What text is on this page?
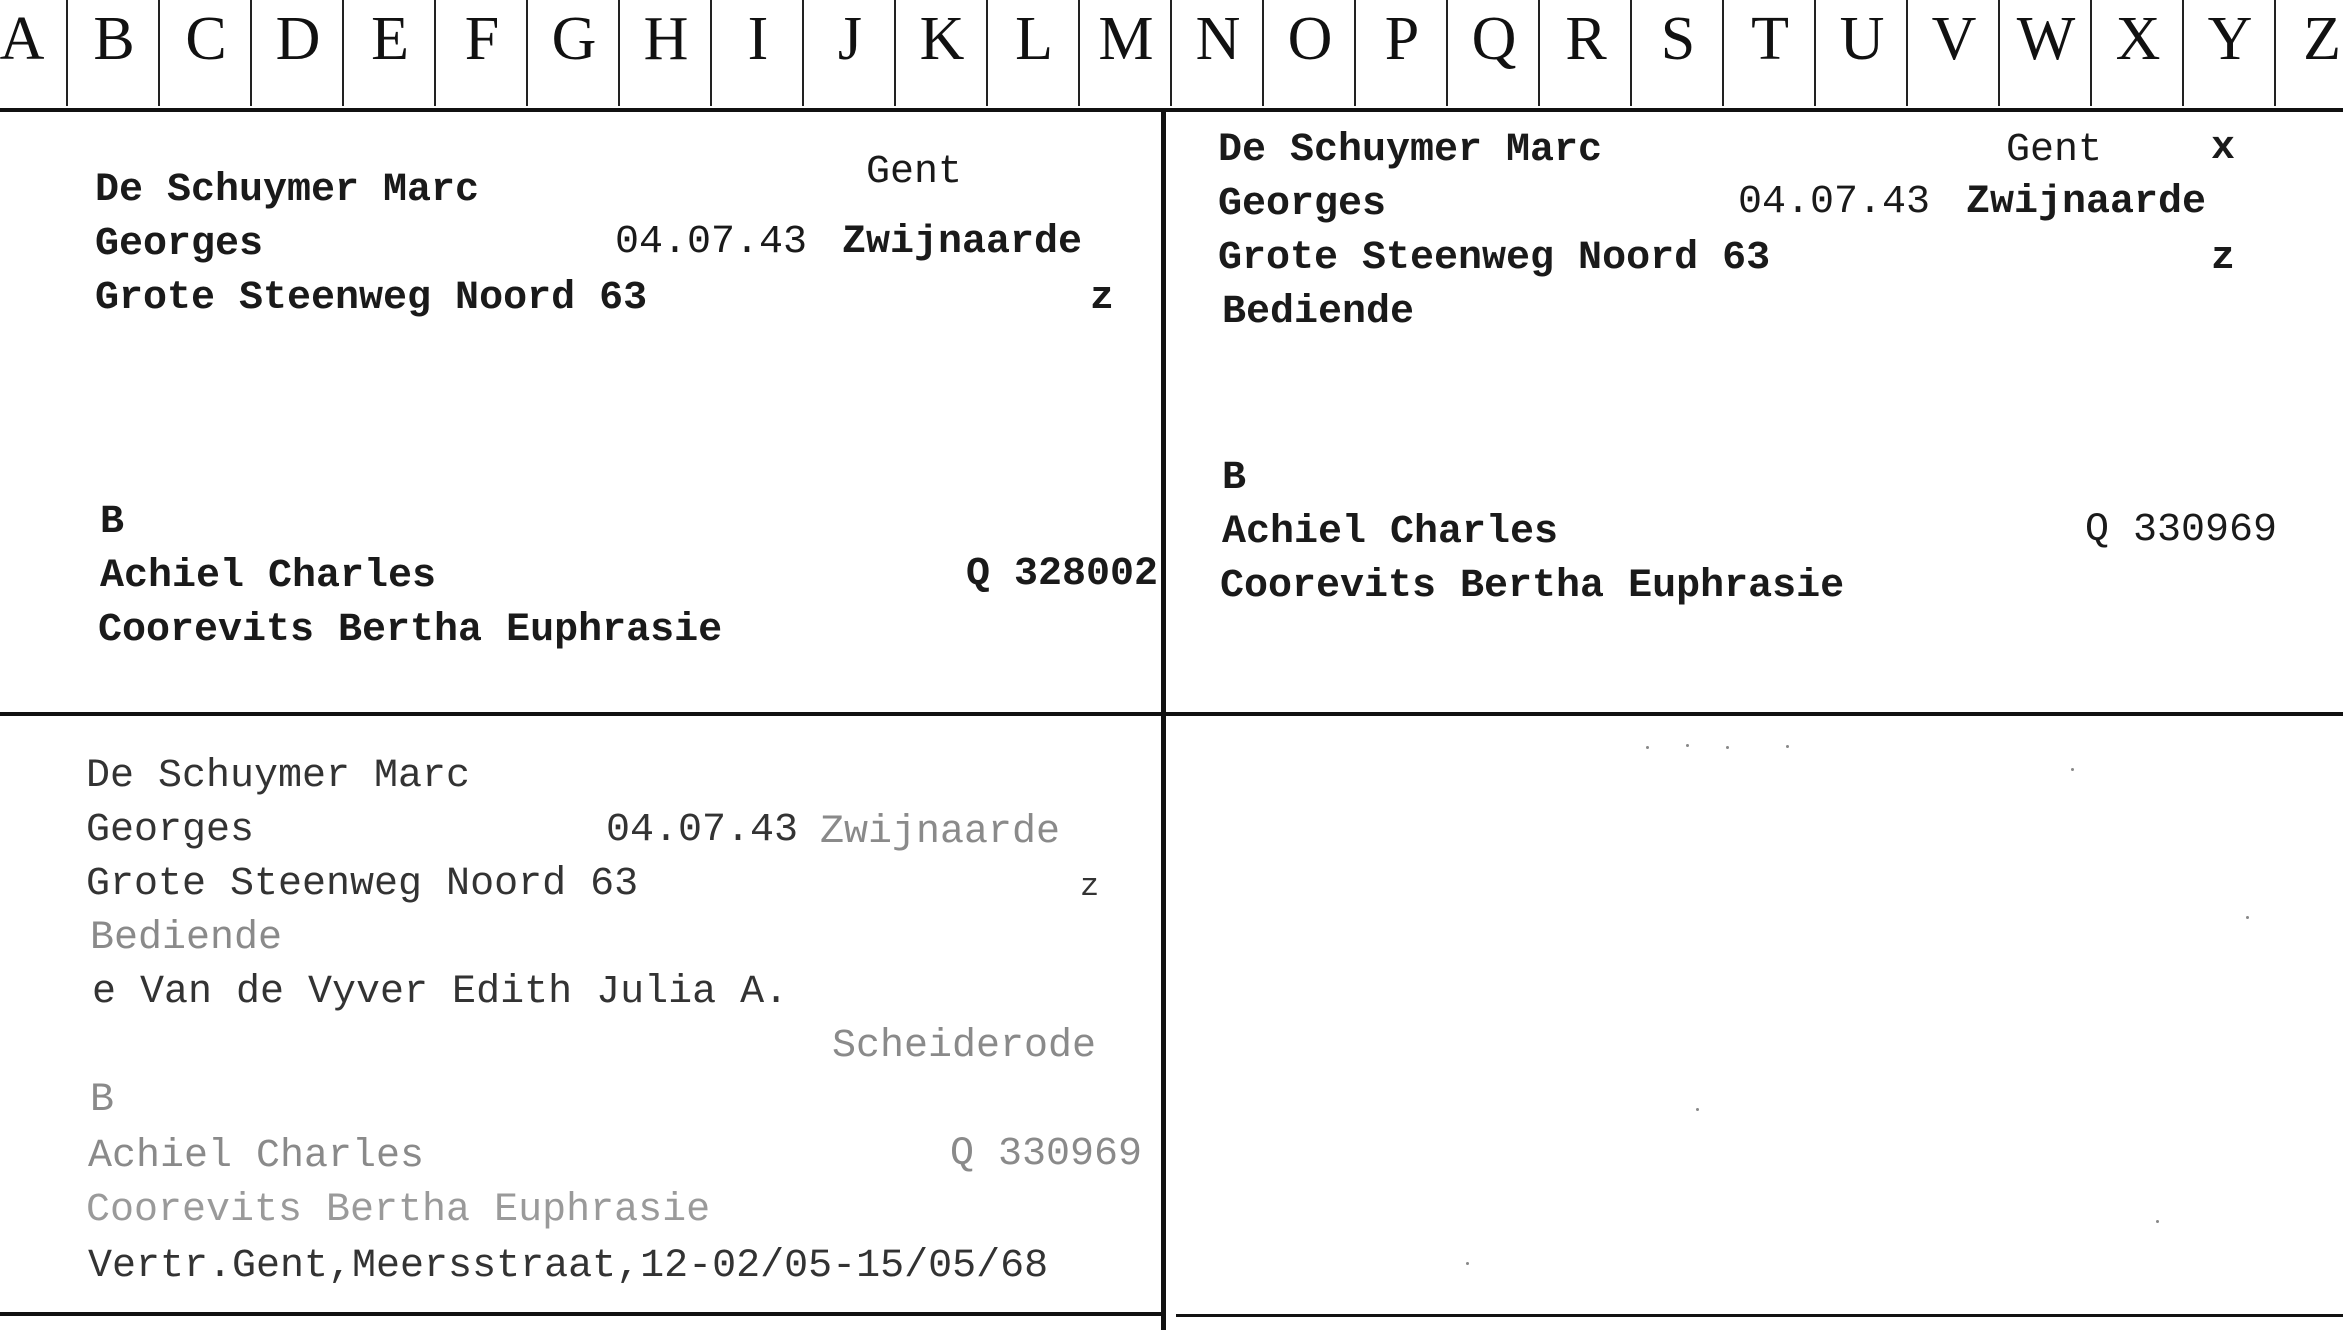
A B C D E F G H I	J K L M N O P Q R S T U V W X Y Z
Gent
De Schuymer Marc
Georges	04.07.43 Zwijnaarde
Grote Steenweg Noord 63	z
B
Achiel Charles	Q 328002
Coorevits Bertha Euphrasie
De Schuymer Marc	Gent	x
Georges	04.07.43 Zwijnaarde
Grote Steenweg Noord 63	z
Bediende
B
Achiel Charles	Q 330969
Coorevits Bertha Euphrasie
De Schuymer Marc
Georges	04.07.43 Zwijnaarde
Grote Steenweg Noord 63	z
Bediende
e Van de Vyver Edith Julia A.
Scheiderode
B
Achiel Charles	Q 330969
Coorevits Bertha Euphrasie
Vertr.Gent,Meersstraat,12-02/05-15/05/68
